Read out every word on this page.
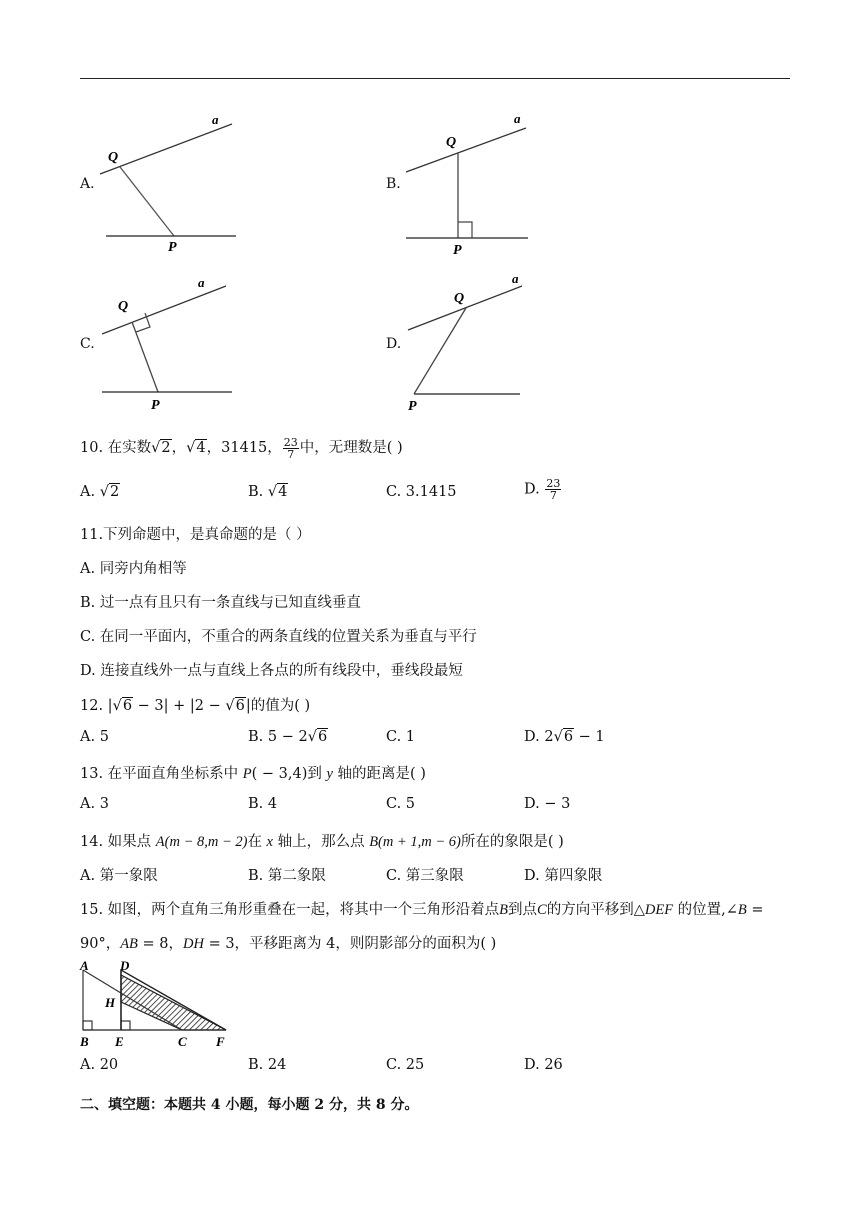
A.
Q
a
P
B.
Q
a
P
C.
Q
a
P
D.
Q
a
P
10. 在实数√2，√4，31415， $\frac{23}{7}$ 中，无理数是( )
A. √2	B. √4	C. 3.1415	D. $\frac{23}{7}$
11.下列命题中，是真命题的是（ ）
A. 同旁内角相等
B. 过一点有且只有一条直线与已知直线垂直
C. 在同一平面内，不重合的两条直线的位置关系为垂直与平行
D. 连接直线外一点与直线上各点的所有线段中，垂线段最短
12. |√6 − 3| + |2 − √6|的值为( )
A. 5	B. 5 − 2√6	C. 1	D. 2√6 − 1
13. 在平面直角坐标系中 P( − 3,4)到 y 轴的距离是( )
A. 3	B. 4	C. 5	D. − 3
14. 如果点 A(m − 8,m − 2)在 x 轴上，那么点 B(m + 1,m − 6)所在的象限是( )
A. 第一象限	B. 第二象限	C. 第三象限	D. 第四象限
15. 如图，两个直角三角形重叠在一起，将其中一个三角形沿着点B到点C的方向平移到△DEF 的位置,∠B =
90°，AB = 8，DH = 3，平移距离为 4，则阴影部分的面积为( )
A D
H
B E	C F
A. 20	B. 24	C. 25	D. 26
二、填空题：本题共 4 小题，每小题 2 分，共 8 分。
